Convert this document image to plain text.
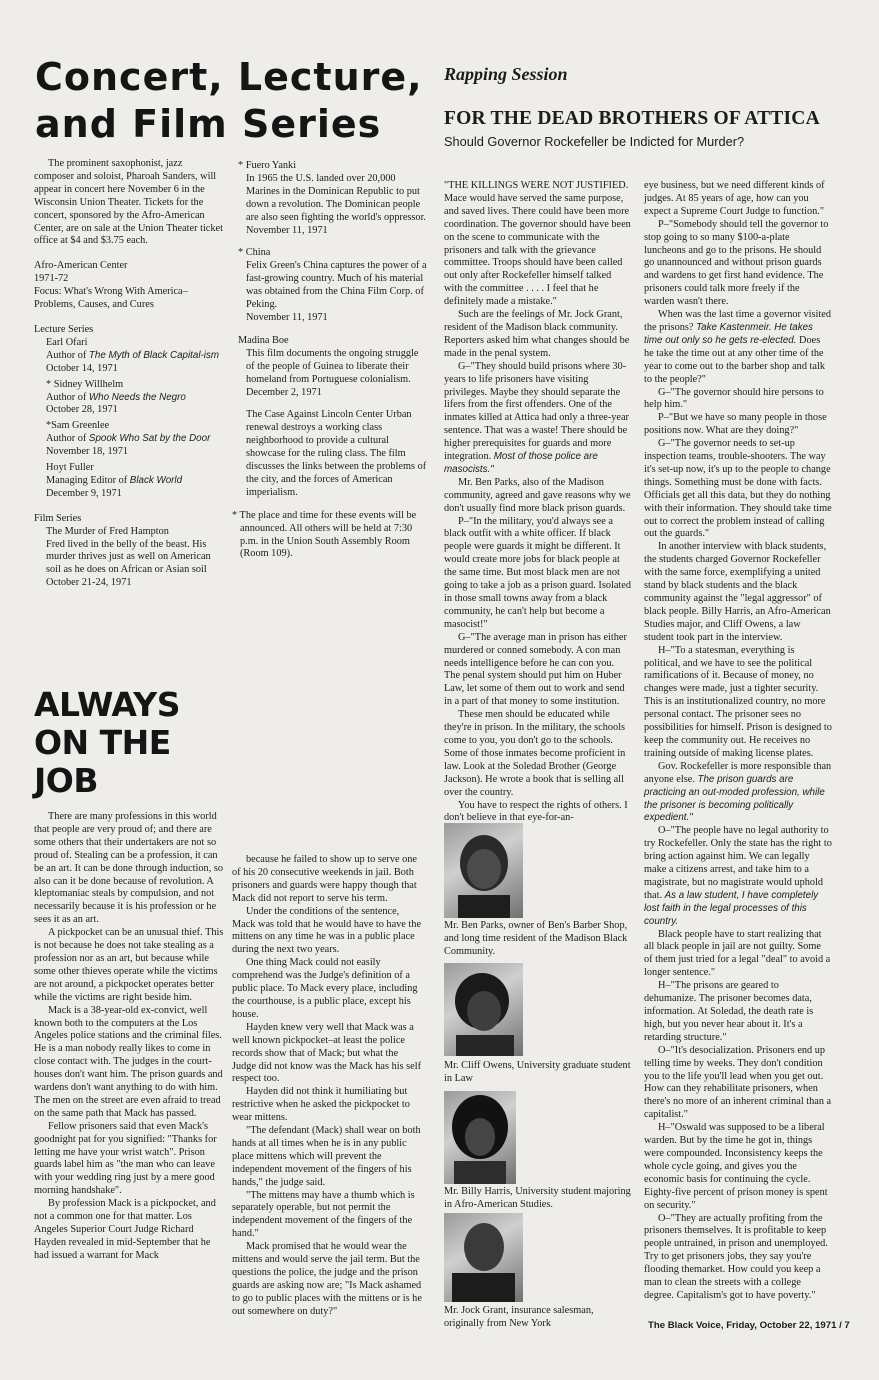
Concert, Lecture,
and Film Series

The prominent saxophonist, jazz composer and soloist, Pharoah Sanders, will appear in concert here November 6 in the Wisconsin Union Theater. Tickets for the concert, sponsored by the Afro-American Center, are on sale at the Union Theater ticket office at $4 and $3.75 each.

Afro-American Center

1971-72

Focus: What's Wrong With America– Problems, Causes, and Cures

Lecture Series

Earl Ofari

Author of The Myth of Black Capital-ism

October 14, 1971

* Sidney Willhelm

Author of Who Needs the Negro

October 28, 1971

*Sam Greenlee

Author of Spook Who Sat by the Door

November 18, 1971

Hoyt Fuller

Managing Editor of Black World

December 9, 1971

Film Series

The Murder of Fred Hampton

Fred lived in the belly of the beast. His murder thrives just as well on American soil as he does on African or Asian soil

October 21-24, 1971

* Fuero Yanki

In 1965 the U.S. landed over 20,000 Marines in the Dominican Republic to put down a revolution. The Dominican people are also seen fighting the world's oppressor.

November 11, 1971

* China

Felix Green's China captures the power of a fast-growing country. Much of his material was obtained from the China Film Corp. of Peking.

November 11, 1971

Madina Boe

This film documents the ongoing struggle of the people of Guinea to liberate their homeland from Portuguese colonialism.

December 2, 1971

The Case Against Lincoln Center Urban renewal destroys a working class neighborhood to provide a cultural showcase for the ruling class. The film discusses the links between the problems of the city, and the forces of American imperialism.

* The place and time for these events will be announced. All others will be held at 7:30 p.m. in the Union South Assembly Room (Room 109).

ALWAYS
ON THE
JOB

There are many professions in this world that people are very proud of; and there are some others that their undertakers are not so proud of. Stealing can be a profession, it can be an art. It can be done through induction, so also can it be done because of revolution. A kleptomaniac steals by compulsion, and not necessarily because it is his profession or he sees it as an art.

A pickpocket can be an unusual thief. This is not because he does not take stealing as a profession nor as an art, but because while some other thieves operate while the victims are not around, a pickpocket operates better while the victims are right beside him.

Mack is a 38-year-old ex-convict, well known both to the computers at the Los Angeles police stations and the criminal files. He is a man nobody really likes to come in close contact with. The judges in the court-houses don't want him. The prison guards and wardens don't want anything to do with him. The men on the street are even afraid to tread on the same path that Mack has passed.

Fellow prisoners said that even Mack's goodnight pat for you signified: "Thanks for letting me have your wrist watch". Prison guards label him as "the man who can leave with your wedding ring just by a mere good morning handshake".

By profession Mack is a pickpocket, and not a common one for that matter. Los Angeles Superior Court Judge Richard Hayden revealed in mid-September that he had issued a warrant for Mack

because he failed to show up to serve one of his 20 consecutive weekends in jail. Both prisoners and guards were happy though that Mack did not report to serve his term.

Under the conditions of the sentence, Mack was told that he would have to have the mittens on any time he was in a public place during the next two years.

One thing Mack could not easily comprehend was the Judge's definition of a public place. To Mack every place, including the courthouse, is a public place, except his house.

Hayden knew very well that Mack was a well known pickpocket–at least the police records show that of Mack; but what the Judge did not know was the Mack has his self respect too.

Hayden did not think it humiliating but restrictive when he asked the pickpocket to wear mittens.

"The defendant (Mack) shall wear on both hands at all times when he is in any public place mittens which will prevent the independent movement of the fingers of his hands," the judge said.

"The mittens may have a thumb which is separately operable, but not permit the independent movement of the fingers of the hand."

Mack promised that he would wear the mittens and would serve the jail term. But the questions the police, the judge and the prison guards are asking now are; "Is Mack ashamed to go to public places with the mittens or is he out somewhere on duty?"

Rapping Session
FOR THE DEAD BROTHERS OF ATTICA
Should Governor Rockefeller be Indicted for Murder?

"THE KILLINGS WERE NOT JUSTIFIED. Mace would have served the same purpose, and saved lives. There could have been more coordination. The governor should have been on the scene to communicate with the prisoners and talk with the grievance committee. Troops should have been called out only after Rockefeller himself talked with the committee . . . . I feel that he definitely made a mistake."

Such are the feelings of Mr. Jock Grant, resident of the Madison black community. Reporters asked him what changes should be made in the penal system.

G–"They should build prisons where 30-years to life prisoners have visiting privileges. Maybe they should separate the lifers from the first offenders. One of the inmates killed at Attica had only a three-year sentence. That was a waste! There should be higher prerequisites for guards and more integration. Most of those police are masocists."

Mr. Ben Parks, also of the Madison community, agreed and gave reasons why we don't usually find more black prison guards.

P–"In the military, you'd always see a black outfit with a white officer. If black people were guards it might be different. It would create more jobs for black people at the same time. But most black men are not going to take a job as a prison guard. Isolated in those small towns away from a black community, he can't help but become a masocist!"

G–"The average man in prison has either murdered or conned somebody. A con man needs intelligence before he can con you. The penal system should put him on Huber Law, let some of them out to work and send in a part of that money to some institution.

These men should be educated while they're in prison. In the military, the schools come to you, you don't go to the schools. Some of those inmates become proficient in law. Look at the Soledad Brother (George Jackson). He wrote a book that is selling all over the country.

You have to respect the rights of others. I don't believe in that eye-for-an-

Mr. Ben Parks, owner of Ben's Barber Shop, and long time resident of the Madison Black Community.
Mr. Cliff Owens, University graduate student in Law
Mr. Billy Harris, University student majoring in Afro-American Studies.
Mr. Jock Grant, insurance salesman, originally from New York

eye business, but we need different kinds of judges. At 85 years of age, how can you expect a Supreme Court Judge to function."

P–"Somebody should tell the governor to stop going to so many $100-a-plate luncheons and go to the prisons. He should go unannounced and without prison guards and wardens to get first hand evidence. The prisoners could talk more freely if the warden wasn't there.

When was the last time a governor visited the prisons? Take Kastenmeir. He takes time out only so he gets re-elected. Does he take the time out at any other time of the year to come out to the barber shop and talk to the people?"

G–"The governor should hire persons to help him."

P–"But we have so many people in those positions now. What are they doing?"

G–"The governor needs to set-up inspection teams, trouble-shooters. The way it's set-up now, it's up to the people to change things. Something must be done with facts. Officials get all this data, but they do nothing with their information. They should take time out to correct the problem instead of calling out the guards."

In another interview with black students, the students charged Governor Rockefeller with the same force, exemplifying a united stand by black students and the black community against the "legal aggressor" of black people. Billy Harris, an Afro-American Studies major, and Cliff Owens, a law student took part in the interview.

H–"To a statesman, everything is political, and we have to see the political ramifications of it. Because of money, no changes were made, just a tighter security. This is an institutionalized country, no more personal contact. The prisoner sees no possibilities for himself. Prison is designed to keep the community out. He receives no training outside of making license plates.

Gov. Rockefeller is more responsible than anyone else. The prison guards are practicing an out-moded profession, while the prisoner is becoming politically expedient."

O–"The people have no legal authority to try Rockefeller. Only the state has the right to bring action against him. We can legally make a citizens arrest, and take him to a magistrate, but no magistrate would uphold that. As a law student, I have completely lost faith in the legal processes of this country.

Black people have to start realizing that all black people in jail are not guilty. Some of them just tried for a legal "deal" to avoid a longer sentence."

H–"The prisons are geared to dehumanize. The prisoner becomes data, information. At Soledad, the death rate is high, but you never hear about it. It's a retarding structure."

O–"It's desocialization. Prisoners end up telling time by weeks. They don't condition you to the life you'll lead when you get out. How can they rehabilitate prisoners, when there's no more of an inherent criminal than a capitalist."

H–"Oswald was supposed to be a liberal warden. But by the time he got in, things were compounded. Inconsistency keeps the whole cycle going, and gives you the economic basis for continuing the cycle. Eighty-five percent of prison money is spent on security."

O–"They are actually profiting from the prisoners themselves. It is profitable to keep people untrained, in prison and unemployed. Try to get prisoners jobs, they say you're flooding themarket. How could you keep a man to clean the streets with a college degree. Capitalism's got to have poverty."

The Black Voice, Friday, October 22, 1971 / 7
